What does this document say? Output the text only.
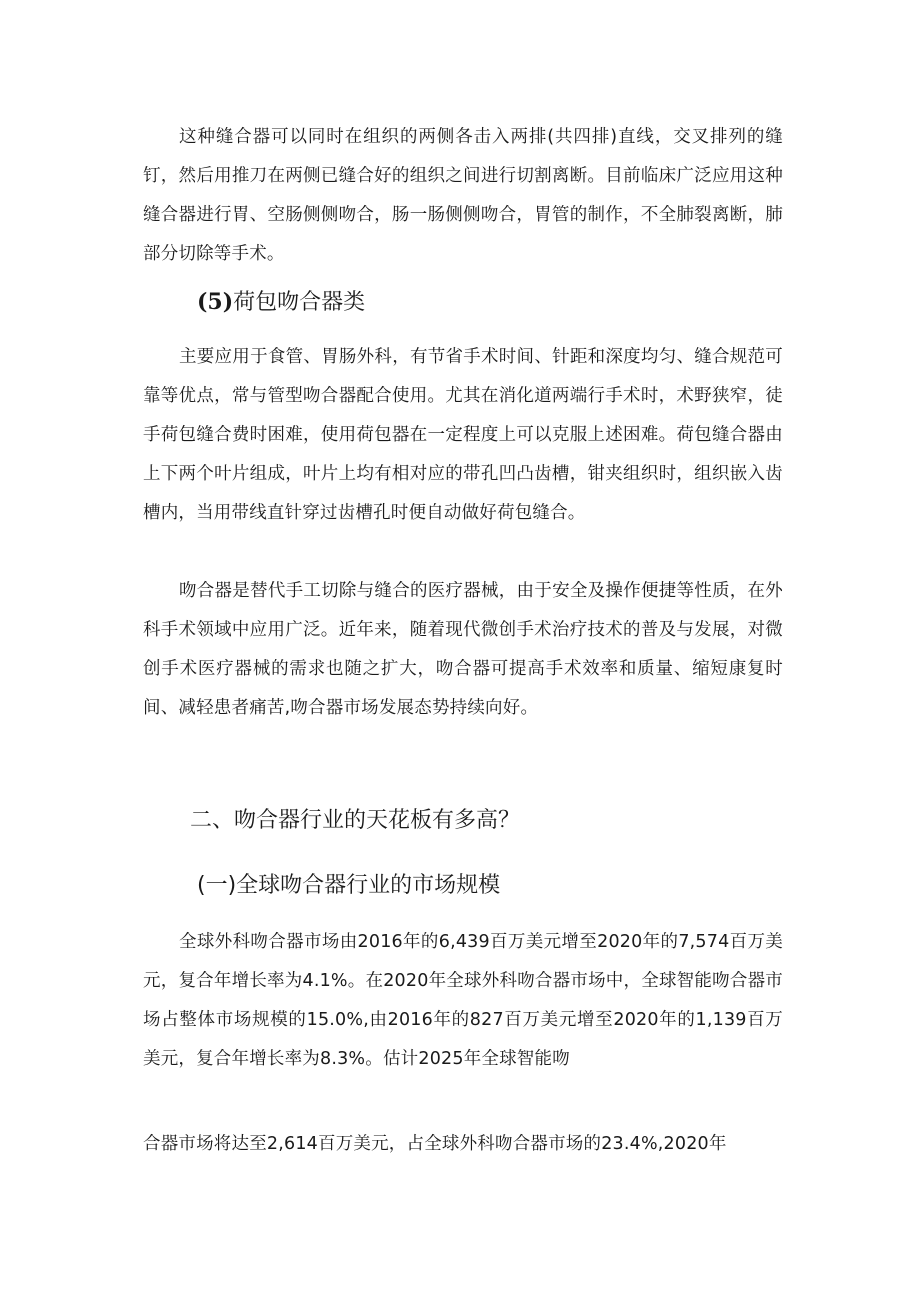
这种缝合器可以同时在组织的两侧各击入两排(共四排)直线，交叉排列的缝钉，然后用推刀在两侧已缝合好的组织之间进行切割离断。目前临床广泛应用这种缝合器进行胃、空肠侧侧吻合，肠一肠侧侧吻合，胃管的制作，不全肺裂离断，肺部分切除等手术。

(5)荷包吻合器类

主要应用于食管、胃肠外科，有节省手术时间、针距和深度均匀、缝合规范可靠等优点，常与管型吻合器配合使用。尤其在消化道两端行手术时，术野狭窄，徒手荷包缝合费时困难，使用荷包器在一定程度上可以克服上述困难。荷包缝合器由上下两个叶片组成，叶片上均有相对应的带孔凹凸齿槽，钳夹组织时，组织嵌入齿槽内，当用带线直针穿过齿槽孔时便自动做好荷包缝合。

吻合器是替代手工切除与缝合的医疗器械，由于安全及操作便捷等性质，在外科手术领域中应用广泛。近年来，随着现代微创手术治疗技术的普及与发展，对微创手术医疗器械的需求也随之扩大，吻合器可提高手术效率和质量、缩短康复时间、减轻患者痛苦,吻合器市场发展态势持续向好。

二、吻合器行业的天花板有多高？
(一)全球吻合器行业的市场规模

全球外科吻合器市场由2016年的6,439百万美元增至2020年的7,574百万美元，复合年增长率为4.1%。在2020年全球外科吻合器市场中，全球智能吻合器市场占整体市场规模的15.0%,由2016年的827百万美元增至2020年的1,139百万美元，复合年增长率为8.3%。估计2025年全球智能吻

合器市场将达至2,614百万美元，占全球外科吻合器市场的23.4%,2020年
